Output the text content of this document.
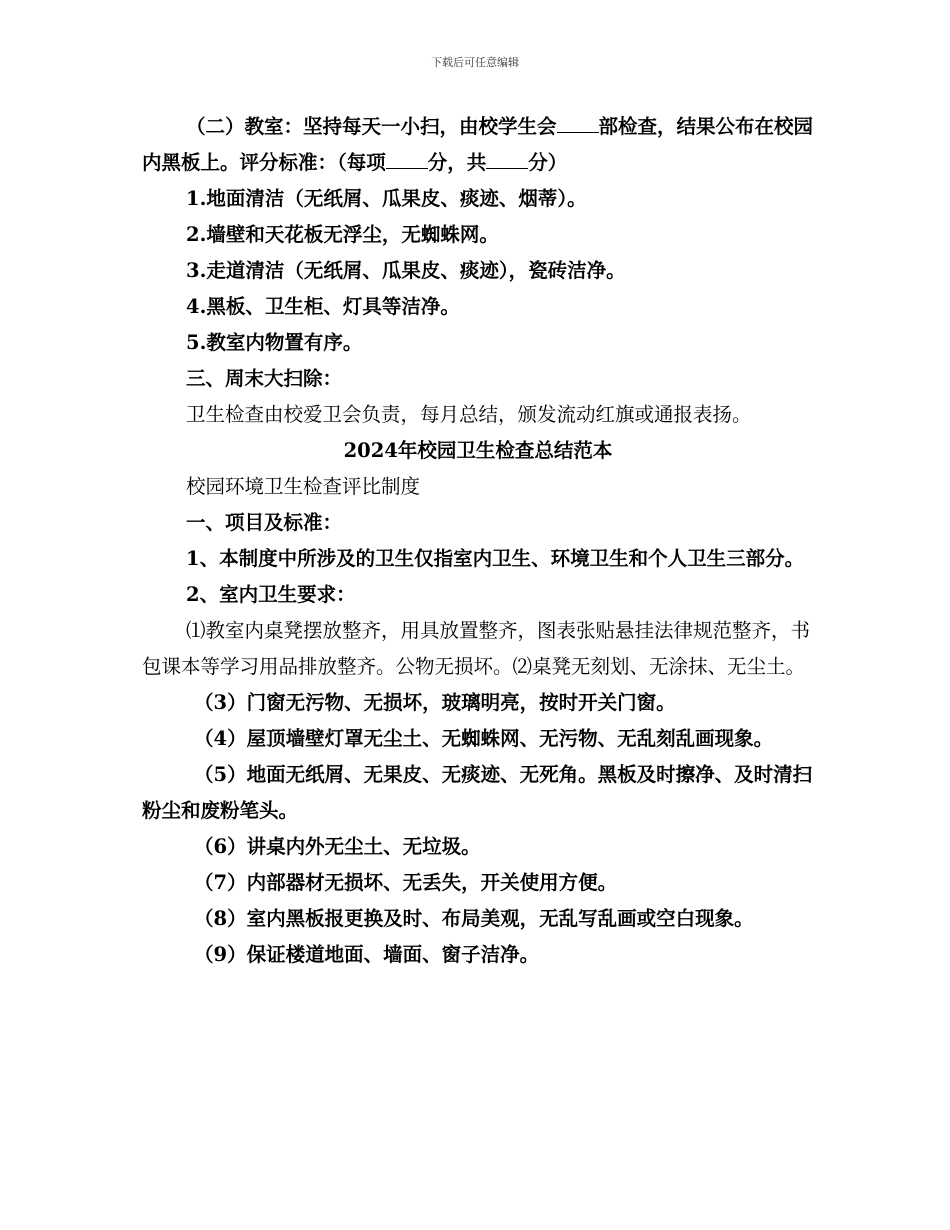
下载后可任意编辑

（二）教室：坚持每天一小扫，由校学生会 部检查，结果公布在校园内黑板上。评分标准：（每项 分，共 分）

1.地面清洁（无纸屑、瓜果皮、痰迹、烟蒂）。

2.墙壁和天花板无浮尘，无蜘蛛网。

3.走道清洁（无纸屑、瓜果皮、痰迹），瓷砖洁净。

4.黑板、卫生柜、灯具等洁净。

5.教室内物置有序。

三、周末大扫除：

卫生检查由校爱卫会负责，每月总结，颁发流动红旗或通报表扬。

2024年校园卫生检查总结范本

校园环境卫生检查评比制度

一、项目及标准：

1、本制度中所涉及的卫生仅指室内卫生、环境卫生和个人卫生三部分。

2、室内卫生要求：

⑴教室内桌凳摆放整齐，用具放置整齐，图表张贴悬挂法律规范整齐，书包课本等学习用品排放整齐。公物无损坏。⑵桌凳无刻划、无涂抹、无尘土。

（3）门窗无污物、无损坏，玻璃明亮，按时开关门窗。

（4）屋顶墙壁灯罩无尘土、无蜘蛛网、无污物、无乱刻乱画现象。

（5）地面无纸屑、无果皮、无痰迹、无死角。黑板及时擦净、及时清扫粉尘和废粉笔头。

（6）讲桌内外无尘土、无垃圾。

（7）内部器材无损坏、无丢失，开关使用方便。

（8）室内黑板报更换及时、布局美观，无乱写乱画或空白现象。

（9）保证楼道地面、墙面、窗子洁净。
